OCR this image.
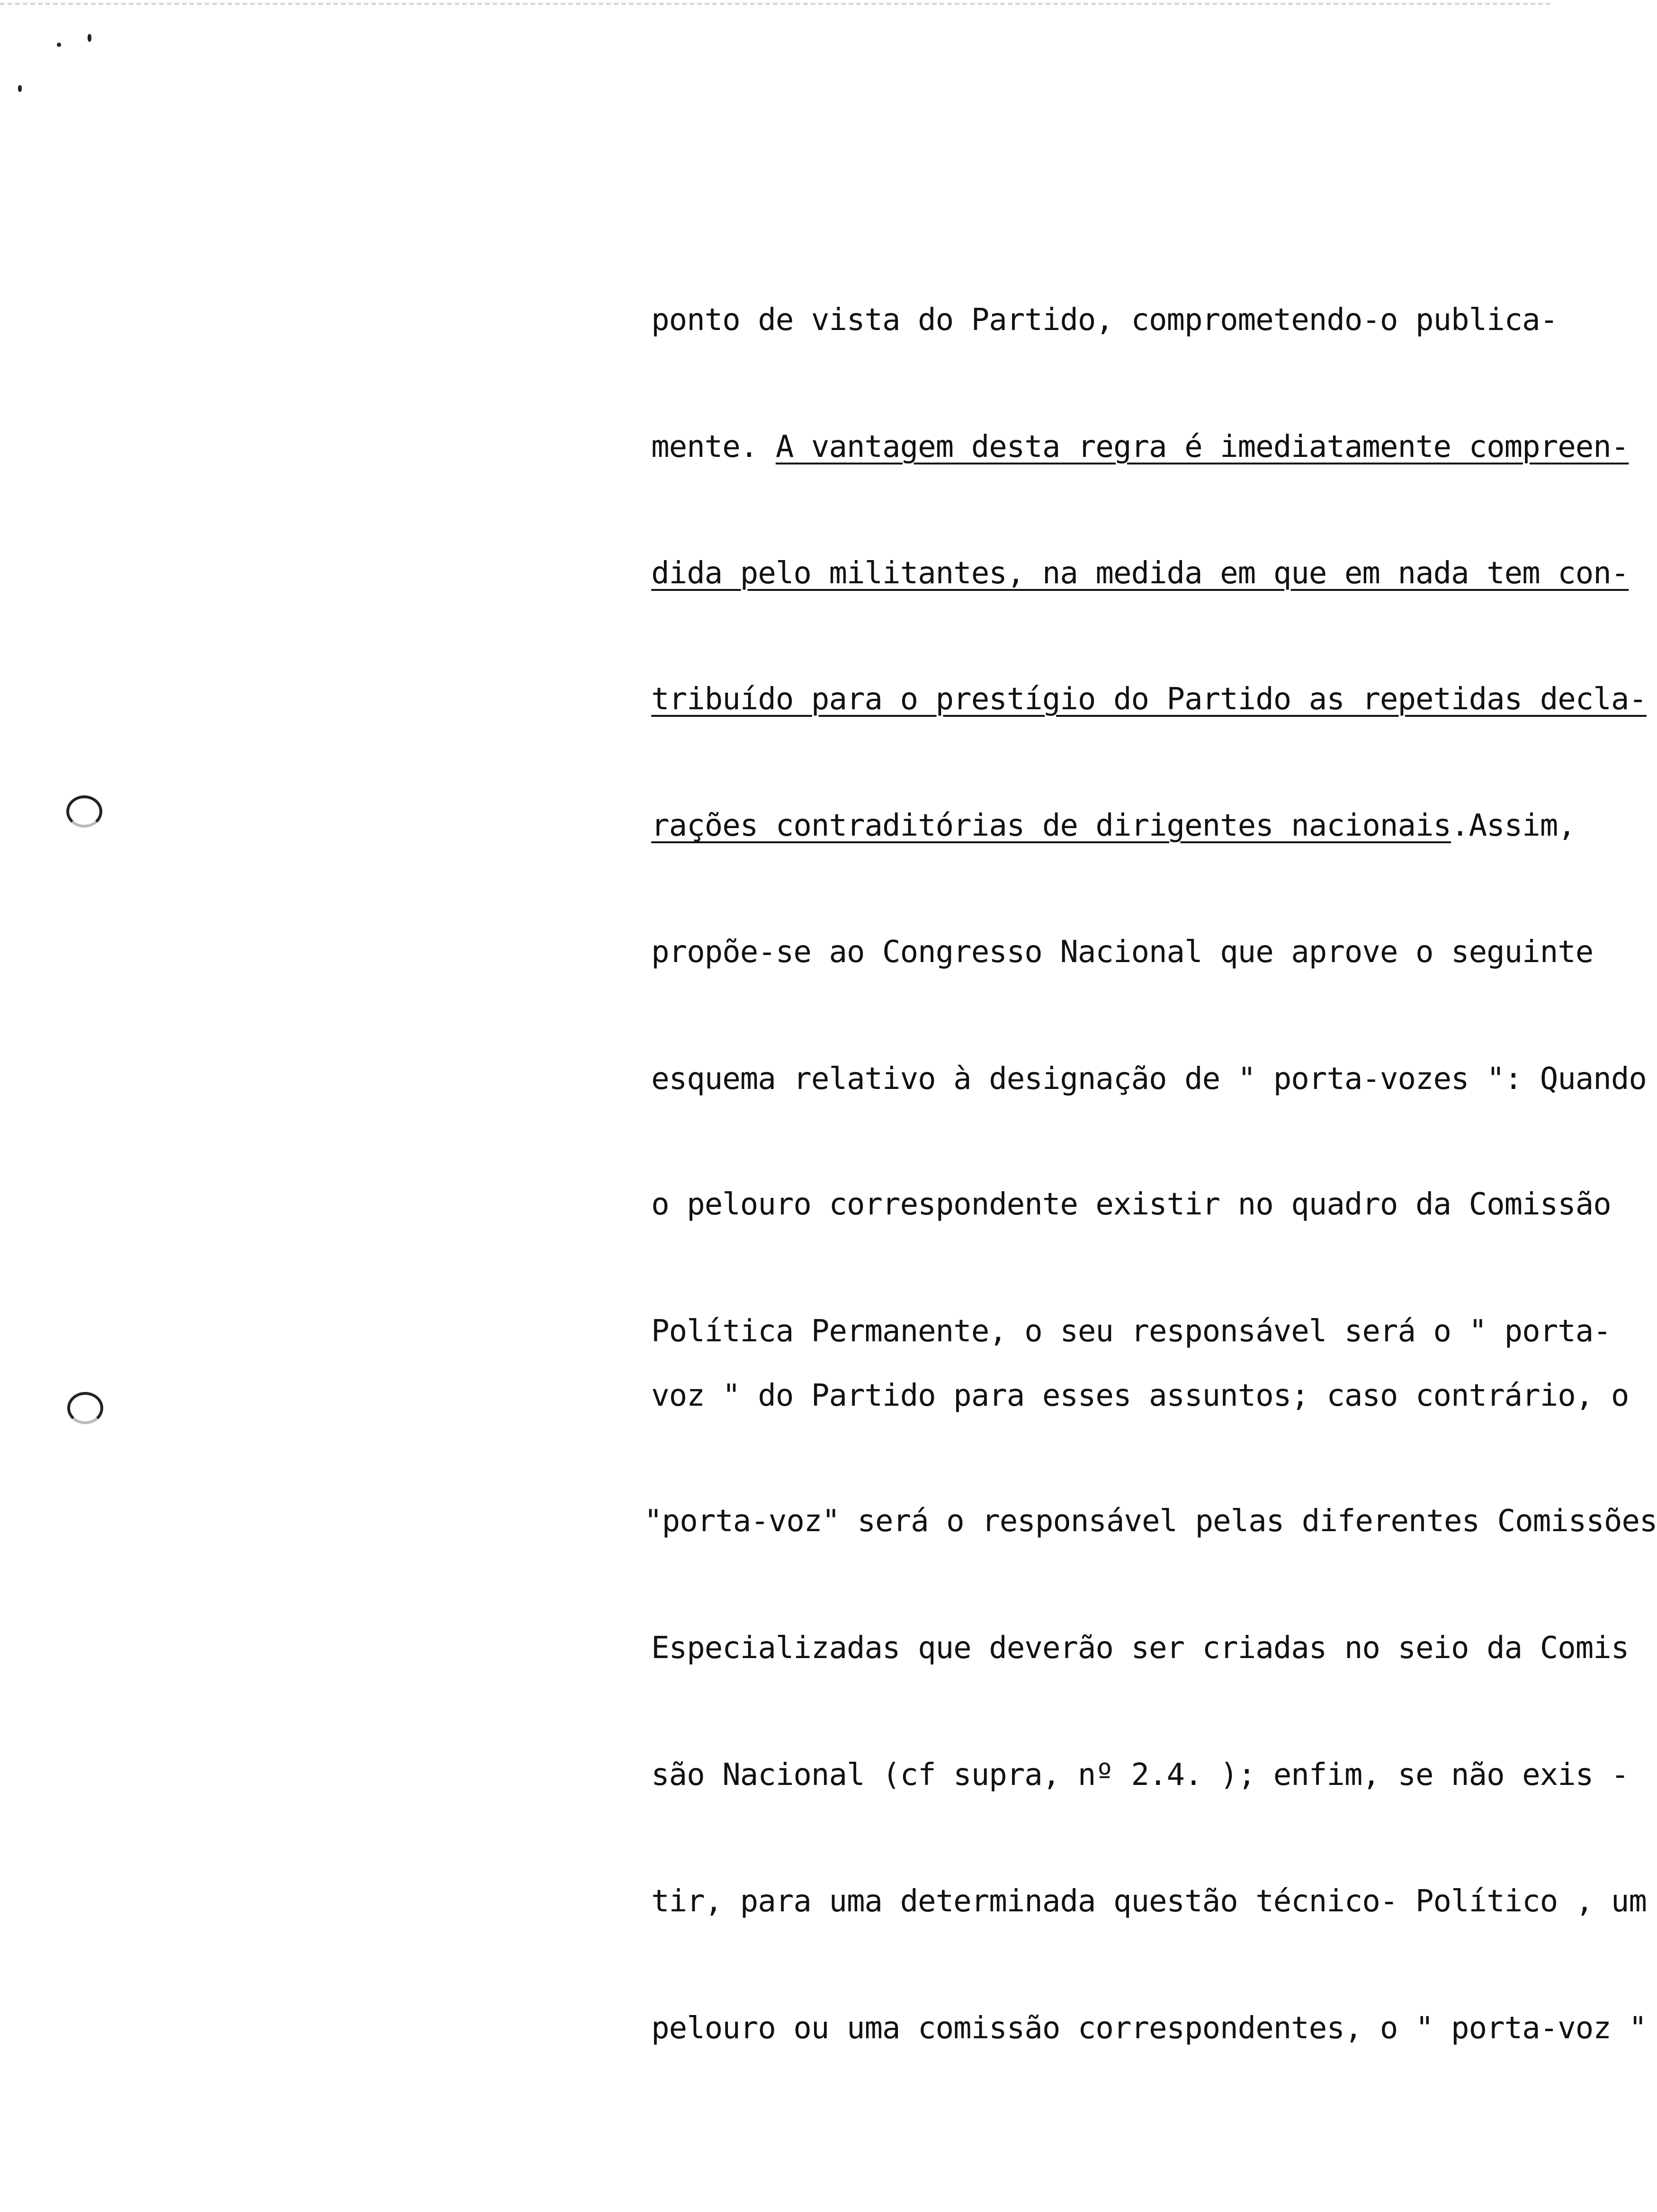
ponto de vista do Partido, comprometendo-o publica-

mente. A vantagem desta regra é imediatamente compreen-

dida pelo militantes, na medida em que em nada tem con-

tribuído para o prestígio do Partido as repetidas decla-

rações contraditórias de dirigentes nacionais.Assim,

propõe-se ao Congresso Nacional que aprove o seguinte

esquema relativo à designação de " porta-vozes ": Quando

o pelouro correspondente existir no quadro da Comissão

Política Permanente, o seu responsável será o " porta-

voz " do Partido para esses assuntos; caso contrário, o

"porta-voz" será o responsável pelas diferentes Comissões

Especializadas que deverão ser criadas no seio da Comis

são Nacional (cf supra, nº 2.4. ); enfim, se não exis -

tir, para uma determinada questão técnico- Político , um

pelouro ou uma comissão correspondentes, o " porta-voz "
